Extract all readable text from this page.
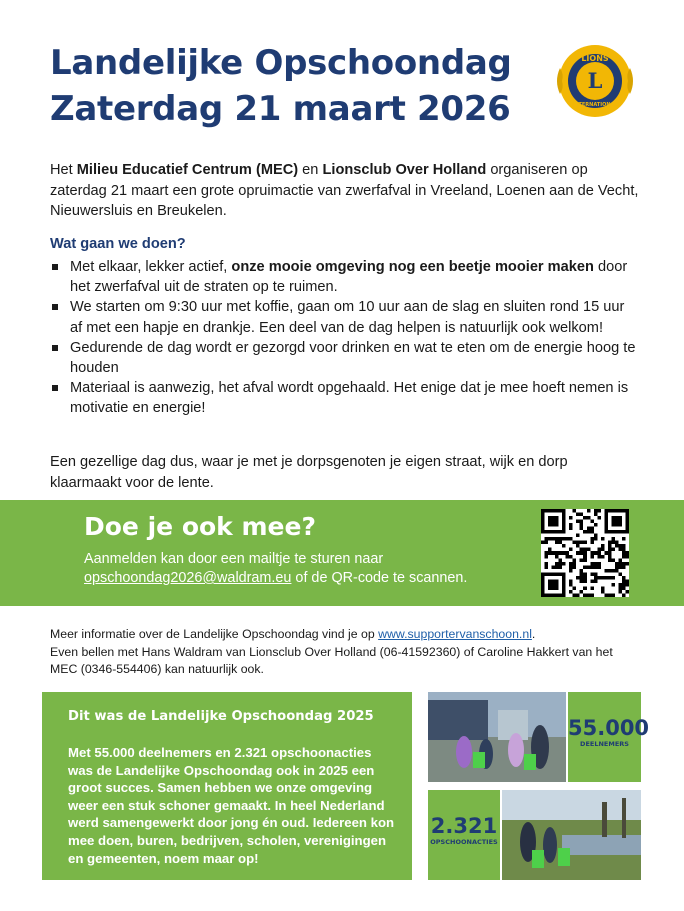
Landelijke Opschoondag
Zaterdag 21 maart 2026
L
LIONS
INTERNATIONAL

Het Milieu Educatief Centrum (MEC) en Lionsclub Over Holland organiseren op zaterdag 21 maart een grote opruimactie van zwerfafval in Vreeland, Loenen aan de Vecht, Nieuwersluis en Breukelen.

Wat gaan we doen?
Met elkaar, lekker actief, onze mooie omgeving nog een beetje mooier maken door het zwerfafval uit de straten op te ruimen.
We starten om 9:30 uur met koffie, gaan om 10 uur aan de slag en sluiten rond 15 uur af met een hapje en drankje. Een deel van de dag helpen is natuurlijk ook welkom!
Gedurende de dag wordt er gezorgd voor drinken en wat te eten om de energie hoog te houden
Materiaal is aanwezig, het afval wordt opgehaald. Het enige dat je mee hoeft nemen is motivatie en energie!

Een gezellige dag dus, waar je met je dorpsgenoten je eigen straat, wijk en dorp klaarmaakt voor de lente.

Doe je ook mee?
Aanmelden kan door een mailtje te sturen naar
opschoondag2026@waldram.eu of de QR-code te scannen.

Meer informatie over de Landelijke Opschoondag vind je op www.supportervanschoon.nl.
Even bellen met Hans Waldram van Lionsclub Over Holland (06-41592360) of Caroline Hakkert van het MEC (0346-554406) kan natuurlijk ook.

Dit was de Landelijke Opschoondag 2025

Met 55.000 deelnemers en 2.321 opschoonacties was de Landelijke Opschoondag ook in 2025 een groot succes. Samen hebben we onze omgeving weer een stuk schoner gemaakt. In heel Nederland werd samengewerkt door jong én oud. Iedereen kon mee doen, buren, bedrijven, scholen, verenigingen en gemeenten, noem maar op!

55.000
DEELNEMERS
2.321
OPSCHOONACTIES
